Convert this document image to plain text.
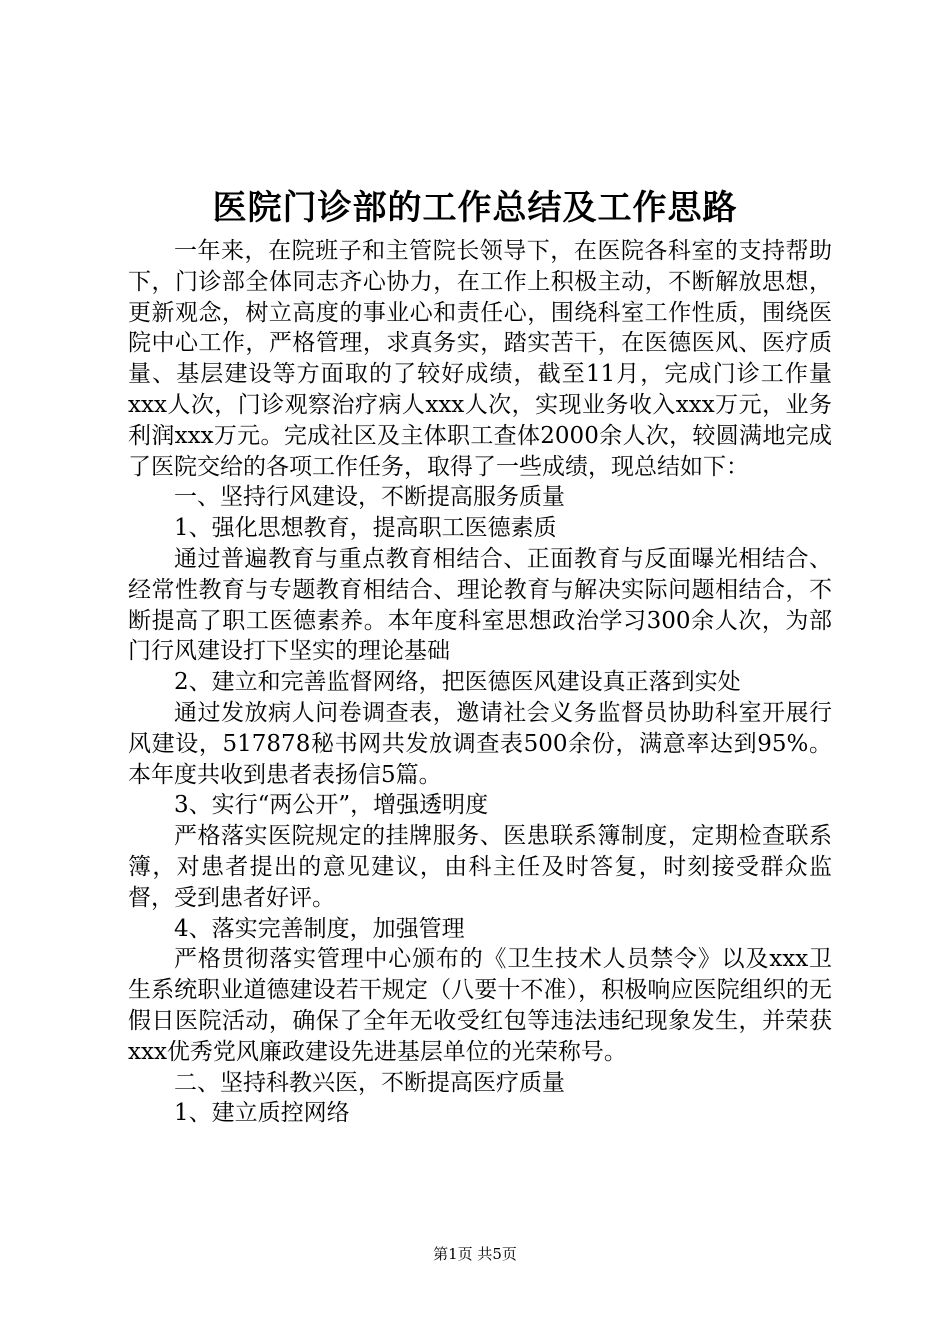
医院门诊部的工作总结及工作思路

一年来，在院班子和主管院长领导下，在医院各科室的支持帮助下，门诊部全体同志齐心协力，在工作上积极主动，不断解放思想，更新观念，树立高度的事业心和责任心，围绕科室工作性质，围绕医院中心工作，严格管理，求真务实，踏实苦干，在医德医风、医疗质量、基层建设等方面取的了较好成绩，截至11月，完成门诊工作量xxx人次，门诊观察治疗病人xxx人次，实现业务收入xxx万元，业务利润xxx万元。完成社区及主体职工查体2000余人次，较圆满地完成了医院交给的各项工作任务，取得了一些成绩，现总结如下：

一、坚持行风建设，不断提高服务质量

1、强化思想教育，提高职工医德素质

通过普遍教育与重点教育相结合、正面教育与反面曝光相结合、经常性教育与专题教育相结合、理论教育与解决实际问题相结合，不断提高了职工医德素养。本年度科室思想政治学习300余人次，为部门行风建设打下坚实的理论基础

2、建立和完善监督网络，把医德医风建设真正落到实处

通过发放病人问卷调查表，邀请社会义务监督员协助科室开展行风建设，517878秘书网共发放调查表500余份，满意率达到95%。本年度共收到患者表扬信5篇。

3、实行“两公开”，增强透明度

严格落实医院规定的挂牌服务、医患联系簿制度，定期检查联系簿，对患者提出的意见建议，由科主任及时答复，时刻接受群众监督，受到患者好评。

4、落实完善制度，加强管理

严格贯彻落实管理中心颁布的《卫生技术人员禁令》以及xxx卫生系统职业道德建设若干规定（八要十不准），积极响应医院组织的无假日医院活动，确保了全年无收受红包等违法违纪现象发生，并荣获xxx优秀党风廉政建设先进基层单位的光荣称号。

二、坚持科教兴医，不断提高医疗质量

1、建立质控网络

第1页 共5页
